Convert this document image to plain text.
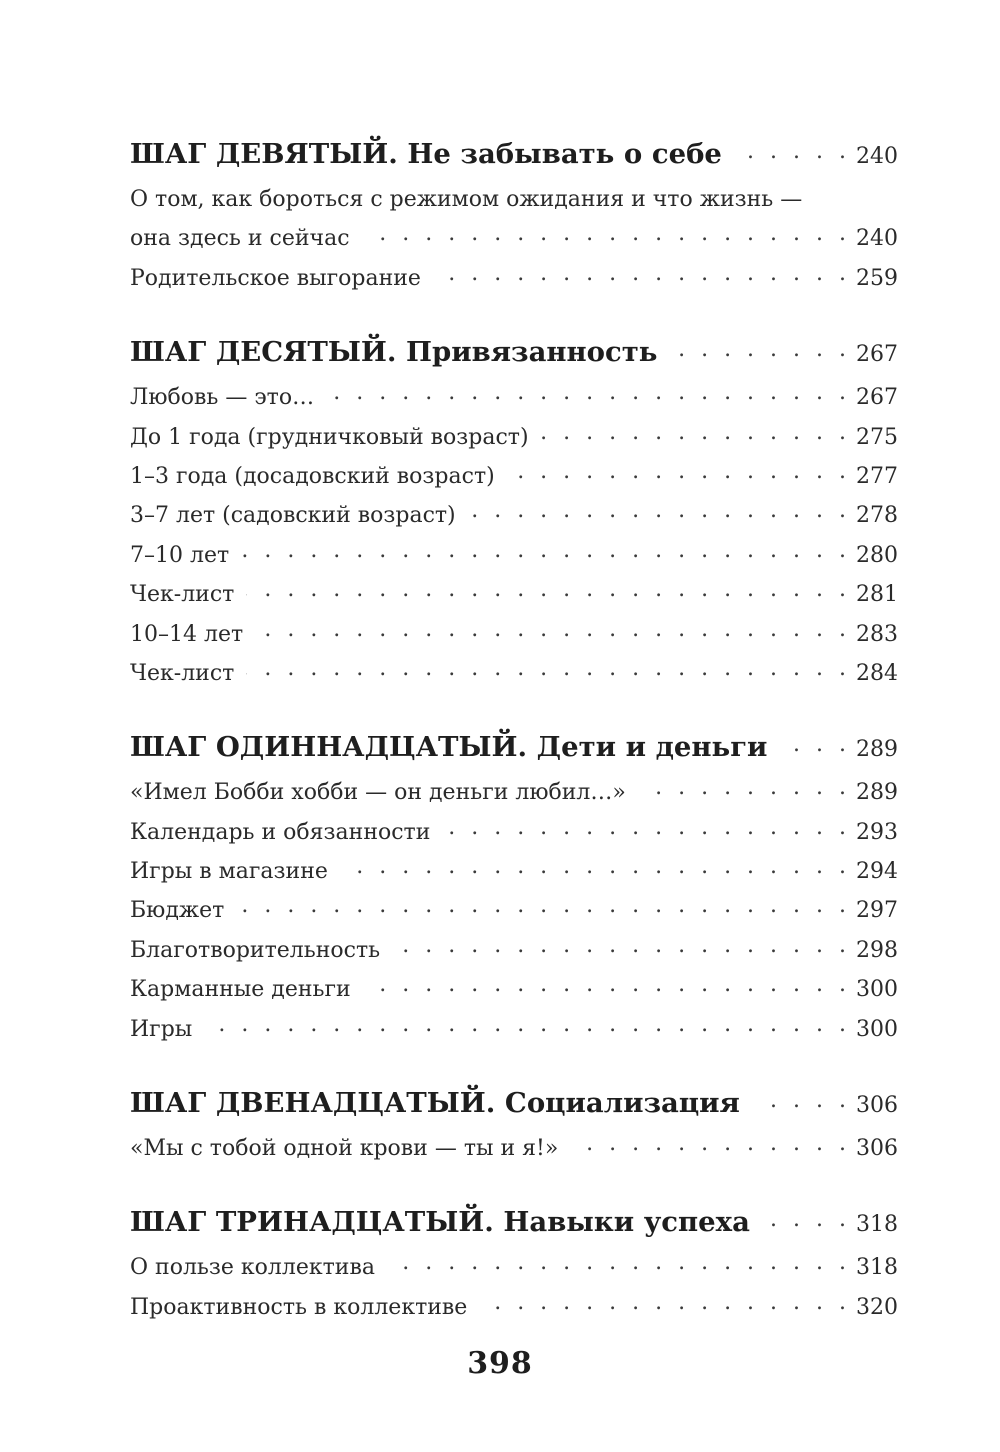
ШАГ ДЕВЯТЫЙ. Не забывать о себе . . .	240
О том, как бороться с режимом ожидания и что жизнь —
она здесь и сейчас . . .	240
Родительское выгорание . . .	259
ШАГ ДЕСЯТЫЙ. Привязанность . . .	267
Любовь — это… . . .	267
До 1 года (грудничковый возраст) . . .	275
1–3 года (досадовский возраст) . . .	277
3–7 лет (садовский возраст) . . .	278
7–10 лет . . .	280
Чек-лист . . .	281
10–14 лет . . .	283
Чек-лист . . .	284
ШАГ ОДИННАДЦАТЫЙ. Дети и деньги . . .	289
«Имел Бобби хобби — он деньги любил…» . . .	289
Календарь и обязанности . . .	293
Игры в магазине . . .	294
Бюджет . . .	297
Благотворительность . . .	298
Карманные деньги . . .	300
Игры . . .	300
ШАГ ДВЕНАДЦАТЫЙ. Социализация . . .	306
«Мы с тобой одной крови — ты и я!» . . .	306
ШАГ ТРИНАДЦАТЫЙ. Навыки успеха . . .	318
О пользе коллектива . . .	318
Проактивность в коллективе . . .	320
398
